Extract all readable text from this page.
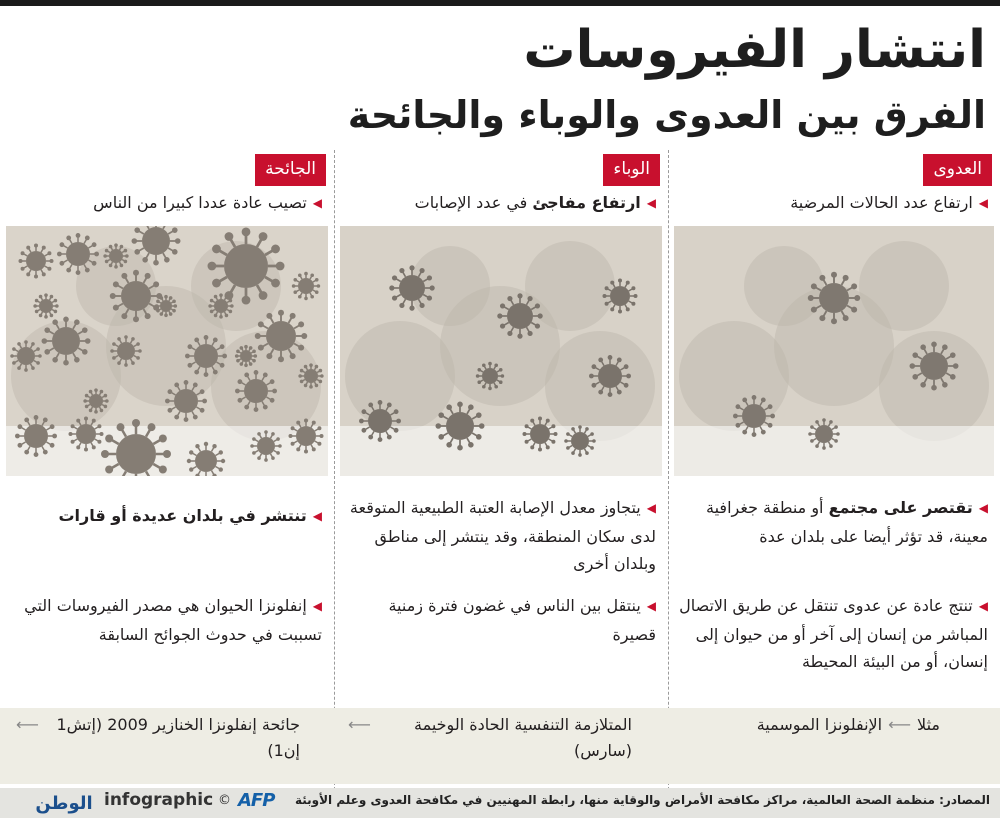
انتشار الفيروسات
الفرق بين العدوى والوباء والجائحة
العدوى
◀ارتفاع عدد الحالات المرضية
◀تقتصر على مجتمع أو منطقة جغرافية معينة، قد تؤثر أيضا على بلدان عدة
◀تنتج عادة عن عدوى تنتقل عن طريق الاتصال المباشر من إنسان إلى آخر أو من حيوان إلى إنسان، أو من البيئة المحيطة
الوباء
◀ارتفاع مفاجئ في عدد الإصابات
◀يتجاوز معدل الإصابة العتبة الطبيعية المتوقعة لدى سكان المنطقة، وقد ينتشر إلى مناطق وبلدان أخرى
◀ينتقل بين الناس في غضون فترة زمنية قصيرة
الجائحة
◀تصيب عادة عددا كبيرا من الناس
◀تنتشر في بلدان عديدة أو قارات
◀إنفلونزا الحيوان هي مصدر الفيروسات التي تسببت في حدوث الجوائح السابقة
مثلا⟵الإنفلونزا الموسمية
⟵	المتلازمة التنفسية الحادة الوخيمة (سارس)
⟵ جائحة إنفلونزا الخنازير 2009 (إتش1 إن1)
المصادر: منظمة الصحة العالمية، مراكز مكافحة الأمراض والوقاية منها، رابطة المهنيين في مكافحة العدوى وعلم الأوبئة
AFP
©
infographic
الوطن
